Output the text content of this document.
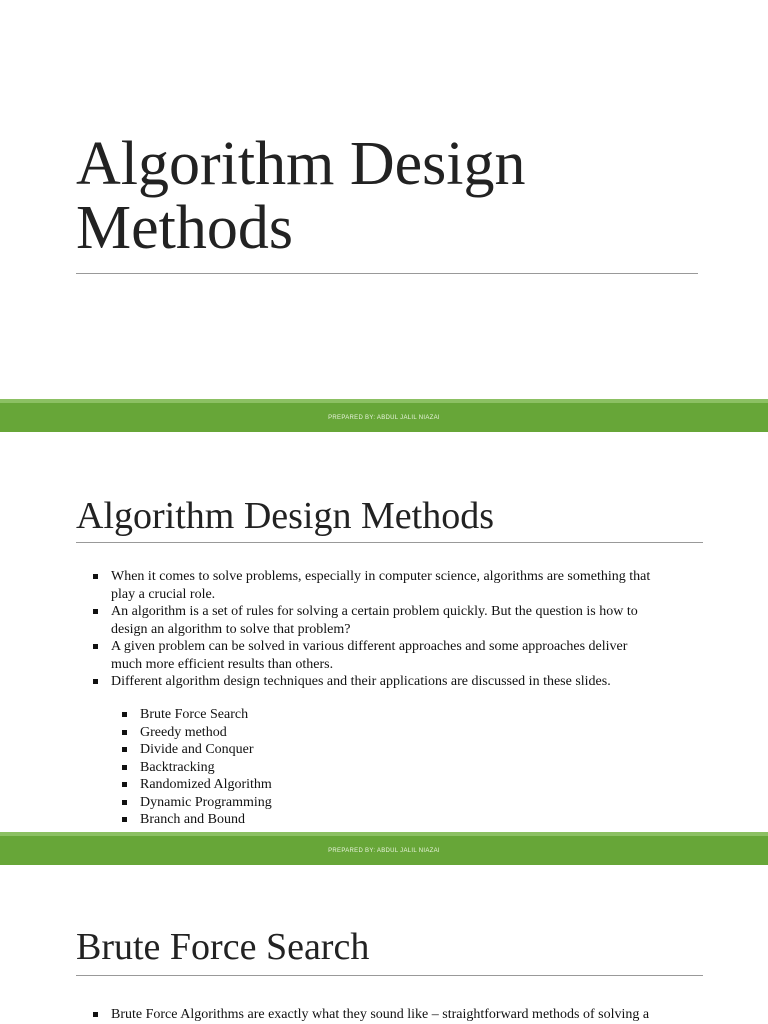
Algorithm Design
Methods
PREPARED BY: ABDUL JALIL NIAZAI
Algorithm Design Methods
When it comes to solve problems, especially in computer science, algorithms are something that play a crucial role.
An algorithm is a set of rules for solving a certain problem quickly. But the question is how to design an algorithm to solve that problem?
A given problem can be solved in various different approaches and some approaches deliver much more efficient results than others.
Different algorithm design techniques and their applications are discussed in these slides.
Brute Force Search
Greedy method
Divide and Conquer
Backtracking
Randomized Algorithm
Dynamic Programming
Branch and Bound
PREPARED BY: ABDUL JALIL NIAZAI
Brute Force Search
Brute Force Algorithms are exactly what they sound like – straightforward methods of solving a
